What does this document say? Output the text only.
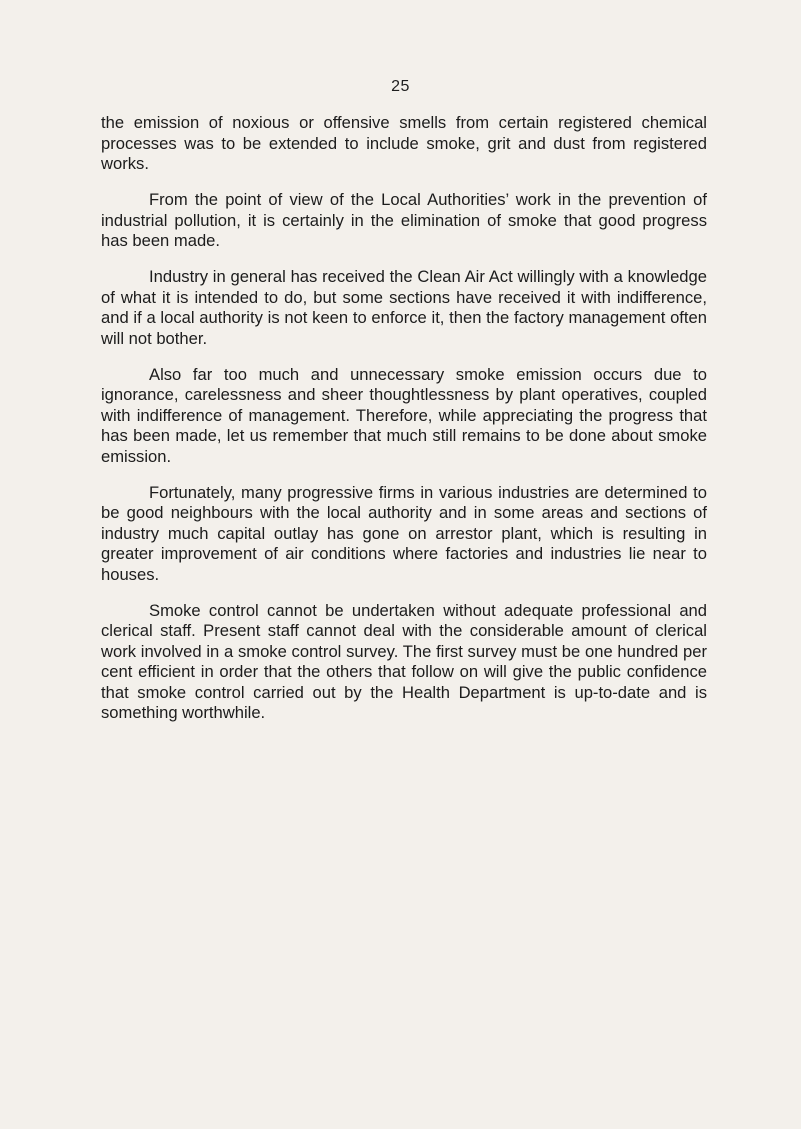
25

the emission of noxious or offensive smells from certain registered chemical processes was to be extended to include smoke, grit and dust from registered works.

From the point of view of the Local Authorities’ work in the prevention of industrial pollution, it is certainly in the elimination of smoke that good progress has been made.

Industry in general has received the Clean Air Act willingly with a knowledge of what it is intended to do, but some sections have received it with indifference, and if a local authority is not keen to enforce it, then the factory management often will not bother.

Also far too much and unnecessary smoke emission occurs due to ignorance, carelessness and sheer thoughtlessness by plant operatives, coupled with indifference of management. Therefore, while appreciating the progress that has been made, let us remember that much still remains to be done about smoke emission.

Fortunately, many progressive firms in various industries are determined to be good neighbours with the local authority and in some areas and sections of industry much capital outlay has gone on arrestor plant, which is resulting in greater improvement of air conditions where factories and industries lie near to houses.

Smoke control cannot be undertaken without adequate professional and clerical staff. Present staff cannot deal with the considerable amount of clerical work involved in a smoke control survey. The first survey must be one hundred per cent efficient in order that the others that follow on will give the public confidence that smoke control carried out by the Health Department is up-to-date and is something worthwhile.
